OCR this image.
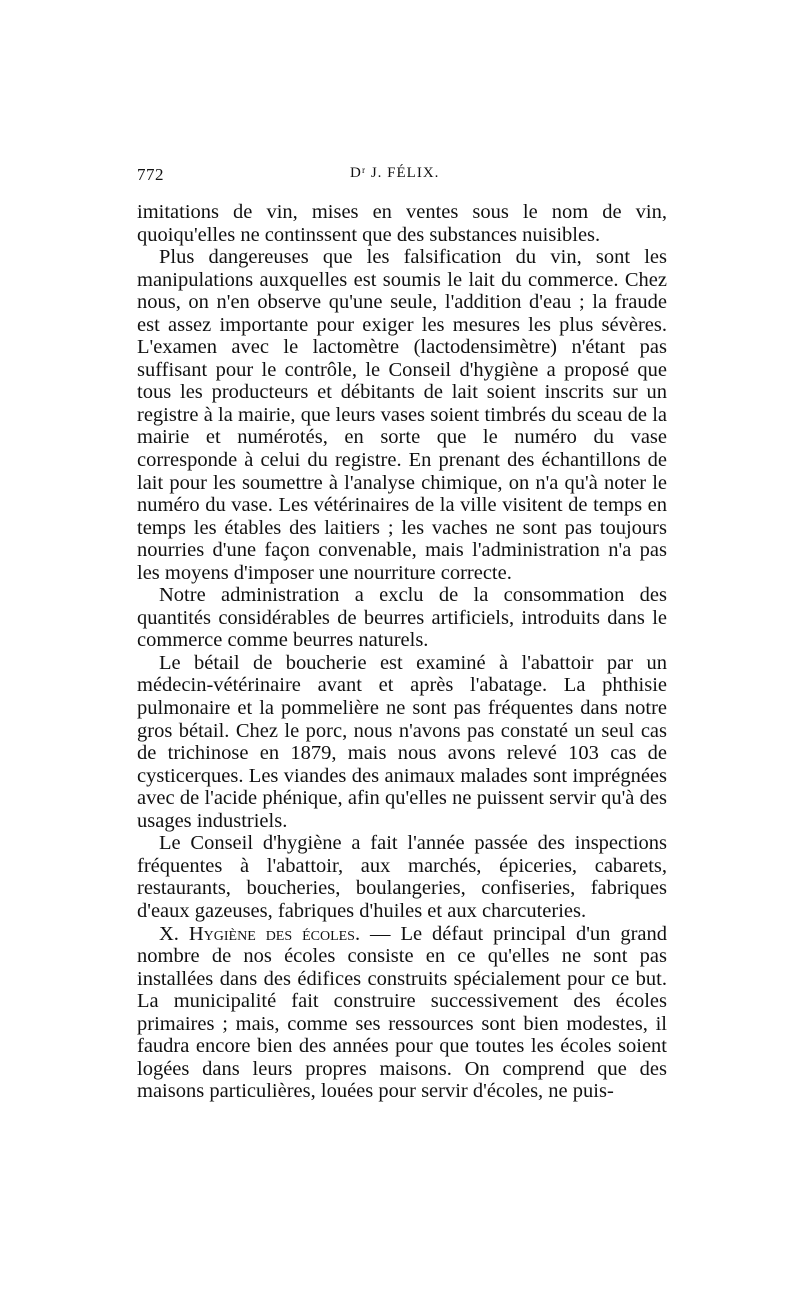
772	Dʳ J. FÉLIX.

imitations de vin, mises en ventes sous le nom de vin, quoiqu'elles ne continssent que des substances nuisibles.

Plus dangereuses que les falsification du vin, sont les manipulations auxquelles est soumis le lait du commerce. Chez nous, on n'en observe qu'une seule, l'addition d'eau ; la fraude est assez importante pour exiger les mesures les plus sévères. L'examen avec le lactomètre (lactodensimètre) n'étant pas suffisant pour le contrôle, le Conseil d'hygiène a proposé que tous les producteurs et débitants de lait soient inscrits sur un registre à la mairie, que leurs vases soient timbrés du sceau de la mairie et numérotés, en sorte que le numéro du vase corresponde à celui du registre. En prenant des échantillons de lait pour les soumettre à l'analyse chimique, on n'a qu'à noter le numéro du vase. Les vétérinaires de la ville visitent de temps en temps les étables des laitiers ; les vaches ne sont pas toujours nourries d'une façon convenable, mais l'administration n'a pas les moyens d'imposer une nourriture correcte.

Notre administration a exclu de la consommation des quantités considérables de beurres artificiels, introduits dans le commerce comme beurres naturels.

Le bétail de boucherie est examiné à l'abattoir par un médecin-vétérinaire avant et après l'abatage. La phthisie pulmonaire et la pommelière ne sont pas fréquentes dans notre gros bétail. Chez le porc, nous n'avons pas constaté un seul cas de trichinose en 1879, mais nous avons relevé 103 cas de cysticerques. Les viandes des animaux malades sont imprégnées avec de l'acide phénique, afin qu'elles ne puissent servir qu'à des usages industriels.

Le Conseil d'hygiène a fait l'année passée des inspections fréquentes à l'abattoir, aux marchés, épiceries, cabarets, restaurants, boucheries, boulangeries, confiseries, fabriques d'eaux gazeuses, fabriques d'huiles et aux charcuteries.

X. Hygiène des écoles. — Le défaut principal d'un grand nombre de nos écoles consiste en ce qu'elles ne sont pas installées dans des édifices construits spécialement pour ce but. La municipalité fait construire successivement des écoles primaires ; mais, comme ses ressources sont bien modestes, il faudra encore bien des années pour que toutes les écoles soient logées dans leurs propres maisons. On comprend que des maisons particulières, louées pour servir d'écoles, ne puis-
